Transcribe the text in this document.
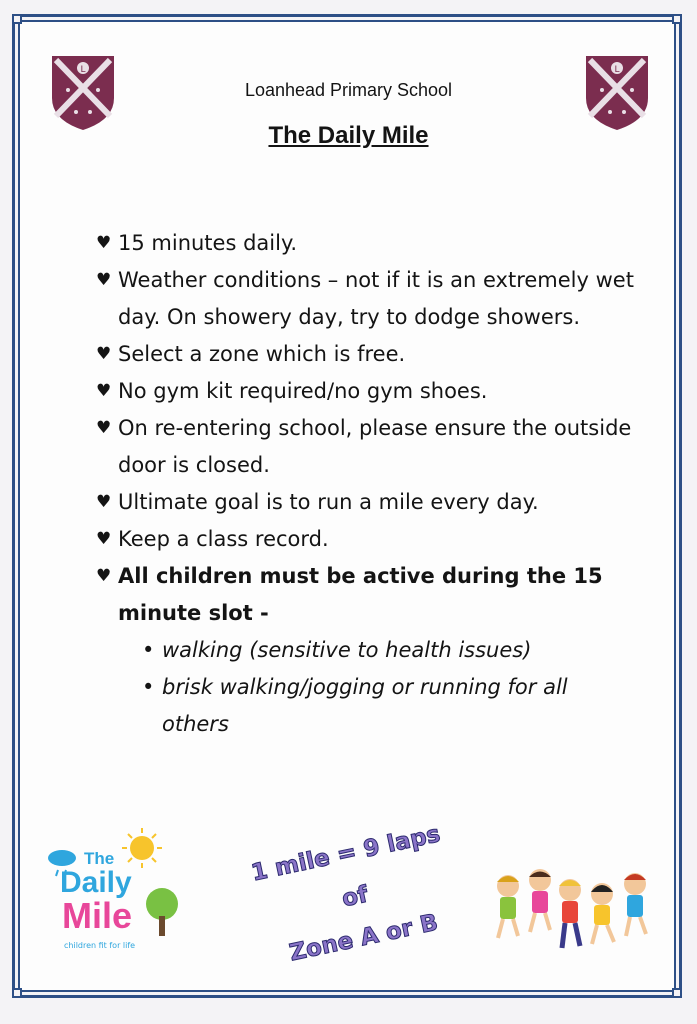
L	L
Loanhead Primary School
The Daily Mile
♥ 15 minutes daily.
♥ Weather conditions – not if it is an extremely wet day. On showery day, try to dodge showers.
♥ Select a zone which is free.
♥ No gym kit required/no gym shoes.
♥ On re-entering school, please ensure the outside door is closed.
♥ Ultimate goal is to run a mile every day.
♥ Keep a class record.
♥ All children must be active during the 15 minute slot -
• walking (sensitive to health issues)
• brisk walking/jogging or running for all others
The
Daily
Mile
children fit for life
1 mile = 9 laps
of
Zone A or B
